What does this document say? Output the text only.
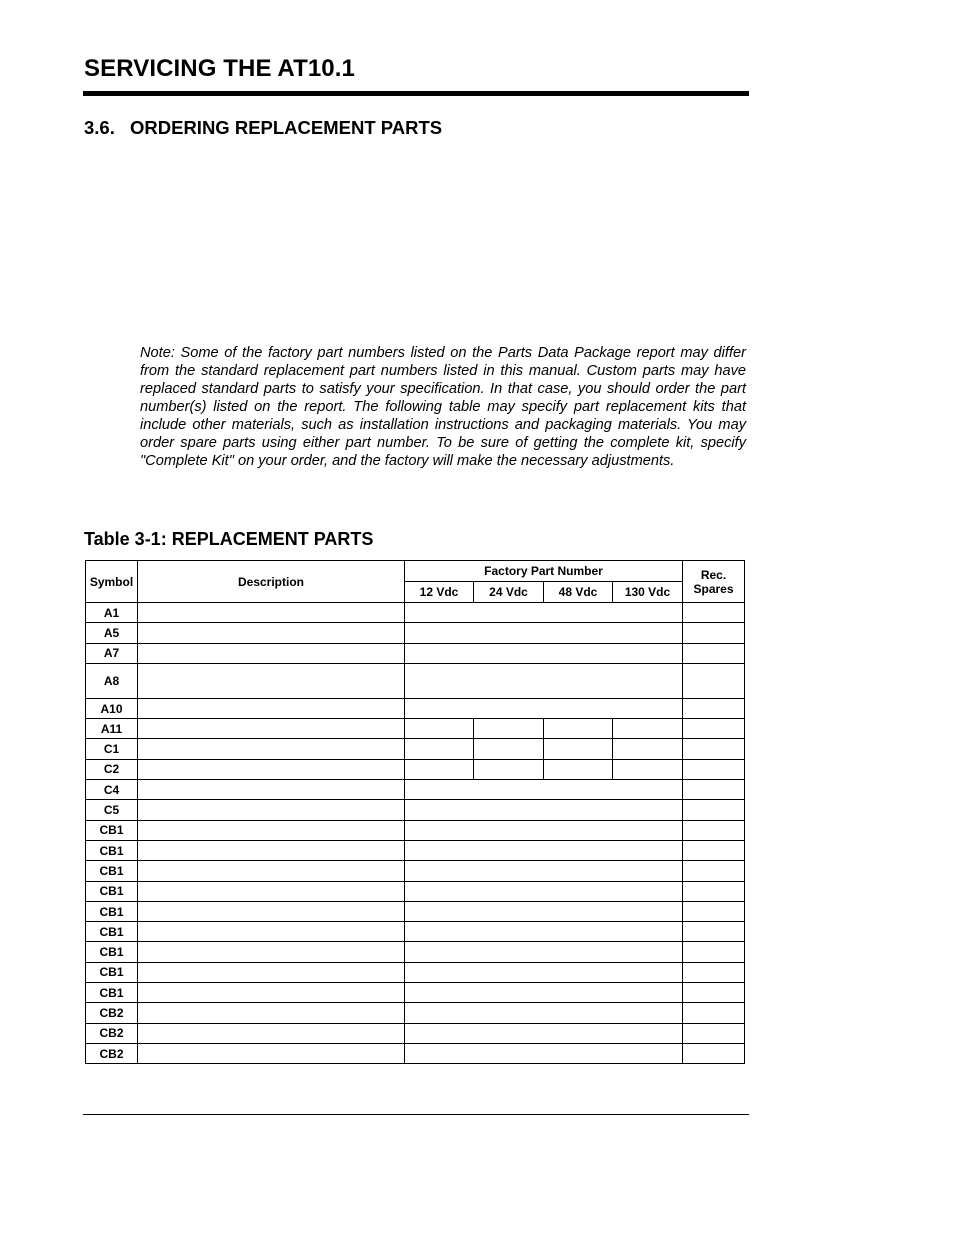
SERVICING THE AT10.1
3.6. ORDERING REPLACEMENT PARTS
Note: Some of the factory part numbers listed on the Parts Data Package report may differ from the standard replacement part numbers listed in this manual. Custom parts may have replaced standard parts to satisfy your specification. In that case, you should order the part number(s) listed on the report. The following table may specify part replacement kits that include other materials, such as installation instructions and packaging materials. You may order spare parts using either part number. To be sure of getting the complete kit, specify "Complete Kit" on your order, and the factory will make the necessary adjustments.
Table 3-1: REPLACEMENT PARTS
Symbol	Description	Factory Part Number				Rec. Spares
		12 Vdc	24 Vdc	48 Vdc	130 Vdc	
A1						
A5						
A7						
A8						
A10						
A11						
C1						
C2						
C4						
C5						
CB1						
CB1						
CB1						
CB1						
CB1						
CB1						
CB1						
CB1						
CB1						
CB2						
CB2						
CB2						
